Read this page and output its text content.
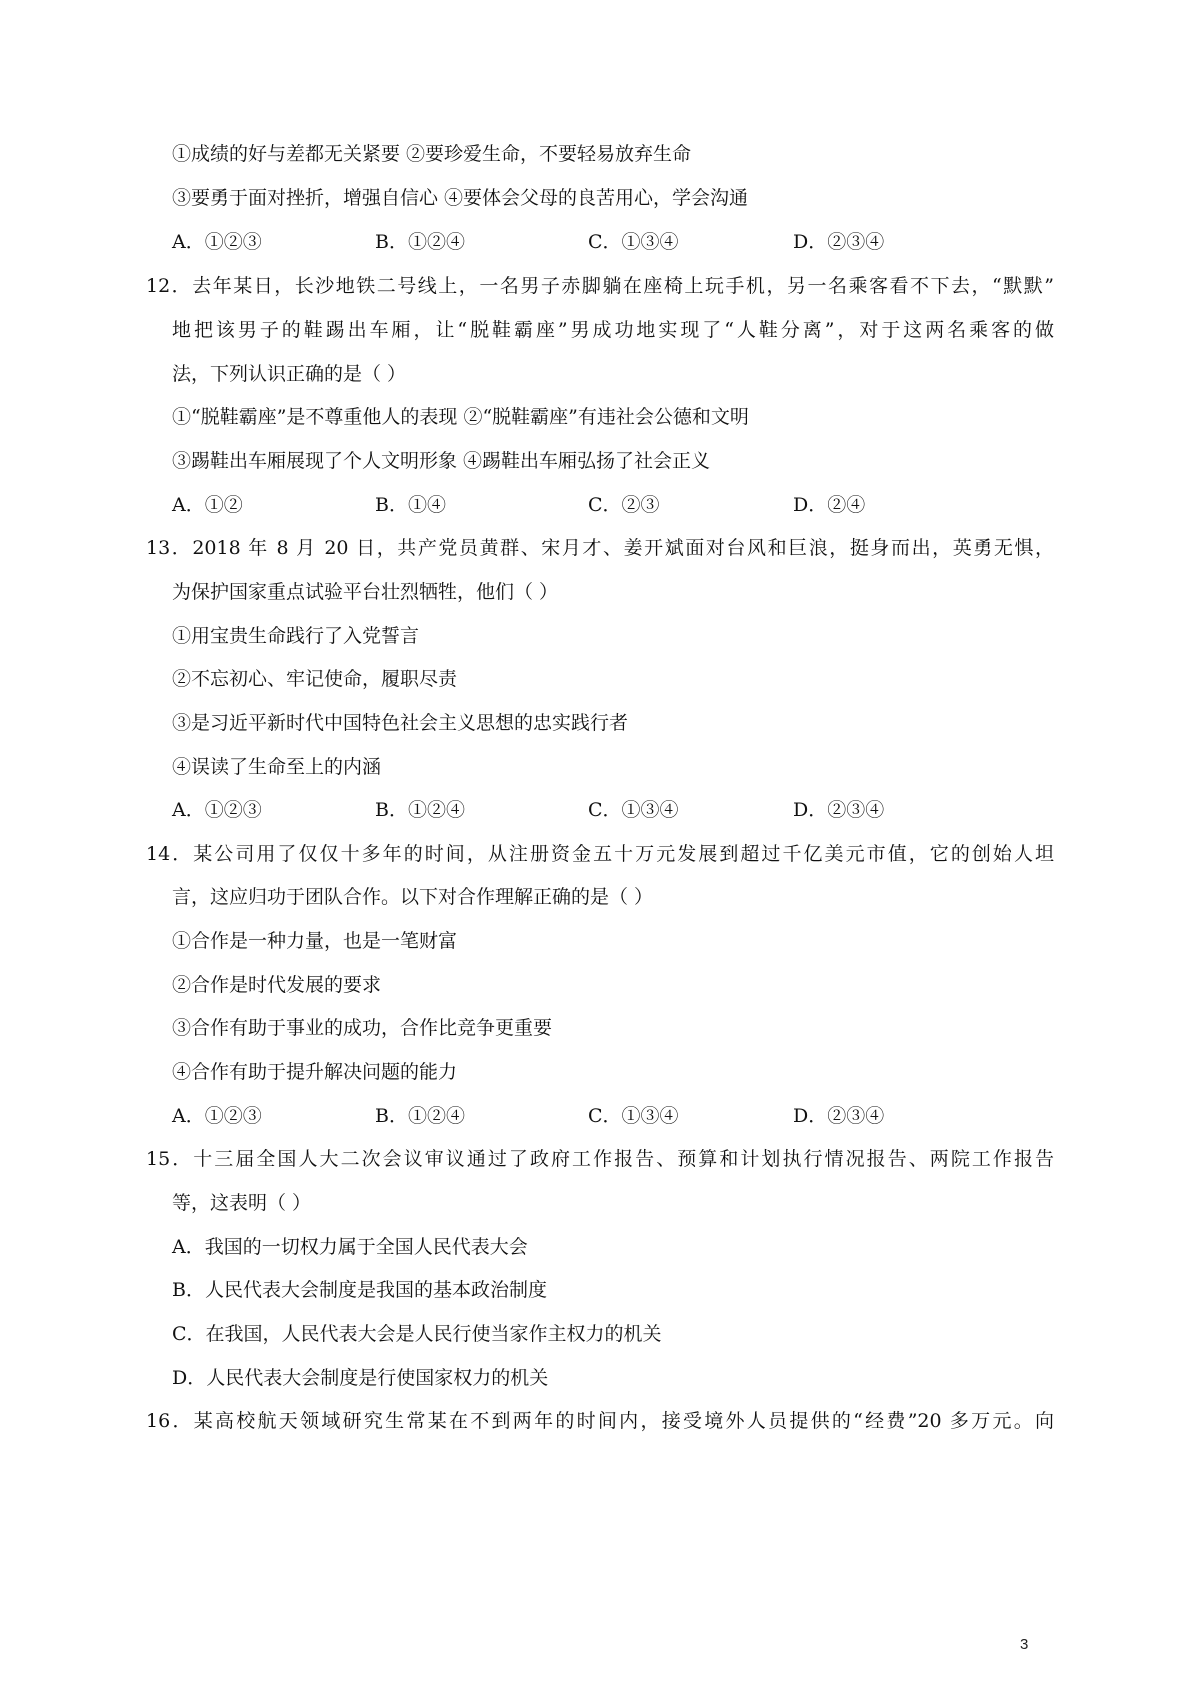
①成绩的好与差都无关紧要 ②要珍爱生命，不要轻易放弃生命
③要勇于面对挫折，增强自信心 ④要体会父母的良苦用心，学会沟通
A．①②③	B．①②④	C．①③④	D．②③④
12．去年某日，长沙地铁二号线上，一名男子赤脚躺在座椅上玩手机，另一名乘客看不下去，“默默”
地把该男子的鞋踢出车厢，让“脱鞋霸座”男成功地实现了“人鞋分离”，对于这两名乘客的做
法，下列认识正确的是（ ）
①“脱鞋霸座”是不尊重他人的表现 ②“脱鞋霸座”有违社会公德和文明
③踢鞋出车厢展现了个人文明形象 ④踢鞋出车厢弘扬了社会正义
A．①②	B．①④	C．②③	D．②④
13．2018 年 8 月 20 日，共产党员黄群、宋月才、姜开斌面对台风和巨浪，挺身而出，英勇无惧，
为保护国家重点试验平台壮烈牺牲，他们（ ）
①用宝贵生命践行了入党誓言
②不忘初心、牢记使命，履职尽责
③是习近平新时代中国特色社会主义思想的忠实践行者
④误读了生命至上的内涵
A．①②③	B．①②④	C．①③④	D．②③④
14．某公司用了仅仅十多年的时间，从注册资金五十万元发展到超过千亿美元市值，它的创始人坦
言，这应归功于团队合作。以下对合作理解正确的是（ ）
①合作是一种力量，也是一笔财富
②合作是时代发展的要求
③合作有助于事业的成功，合作比竞争更重要
④合作有助于提升解决问题的能力
A．①②③	B．①②④	C．①③④	D．②③④
15．十三届全国人大二次会议审议通过了政府工作报告、预算和计划执行情况报告、两院工作报告
等，这表明（ ）
A．我国的一切权力属于全国人民代表大会
B．人民代表大会制度是我国的基本政治制度
C．在我国，人民代表大会是人民行使当家作主权力的机关
D．人民代表大会制度是行使国家权力的机关
16．某高校航天领域研究生常某在不到两年的时间内，接受境外人员提供的“经费”20 多万元。向
3
